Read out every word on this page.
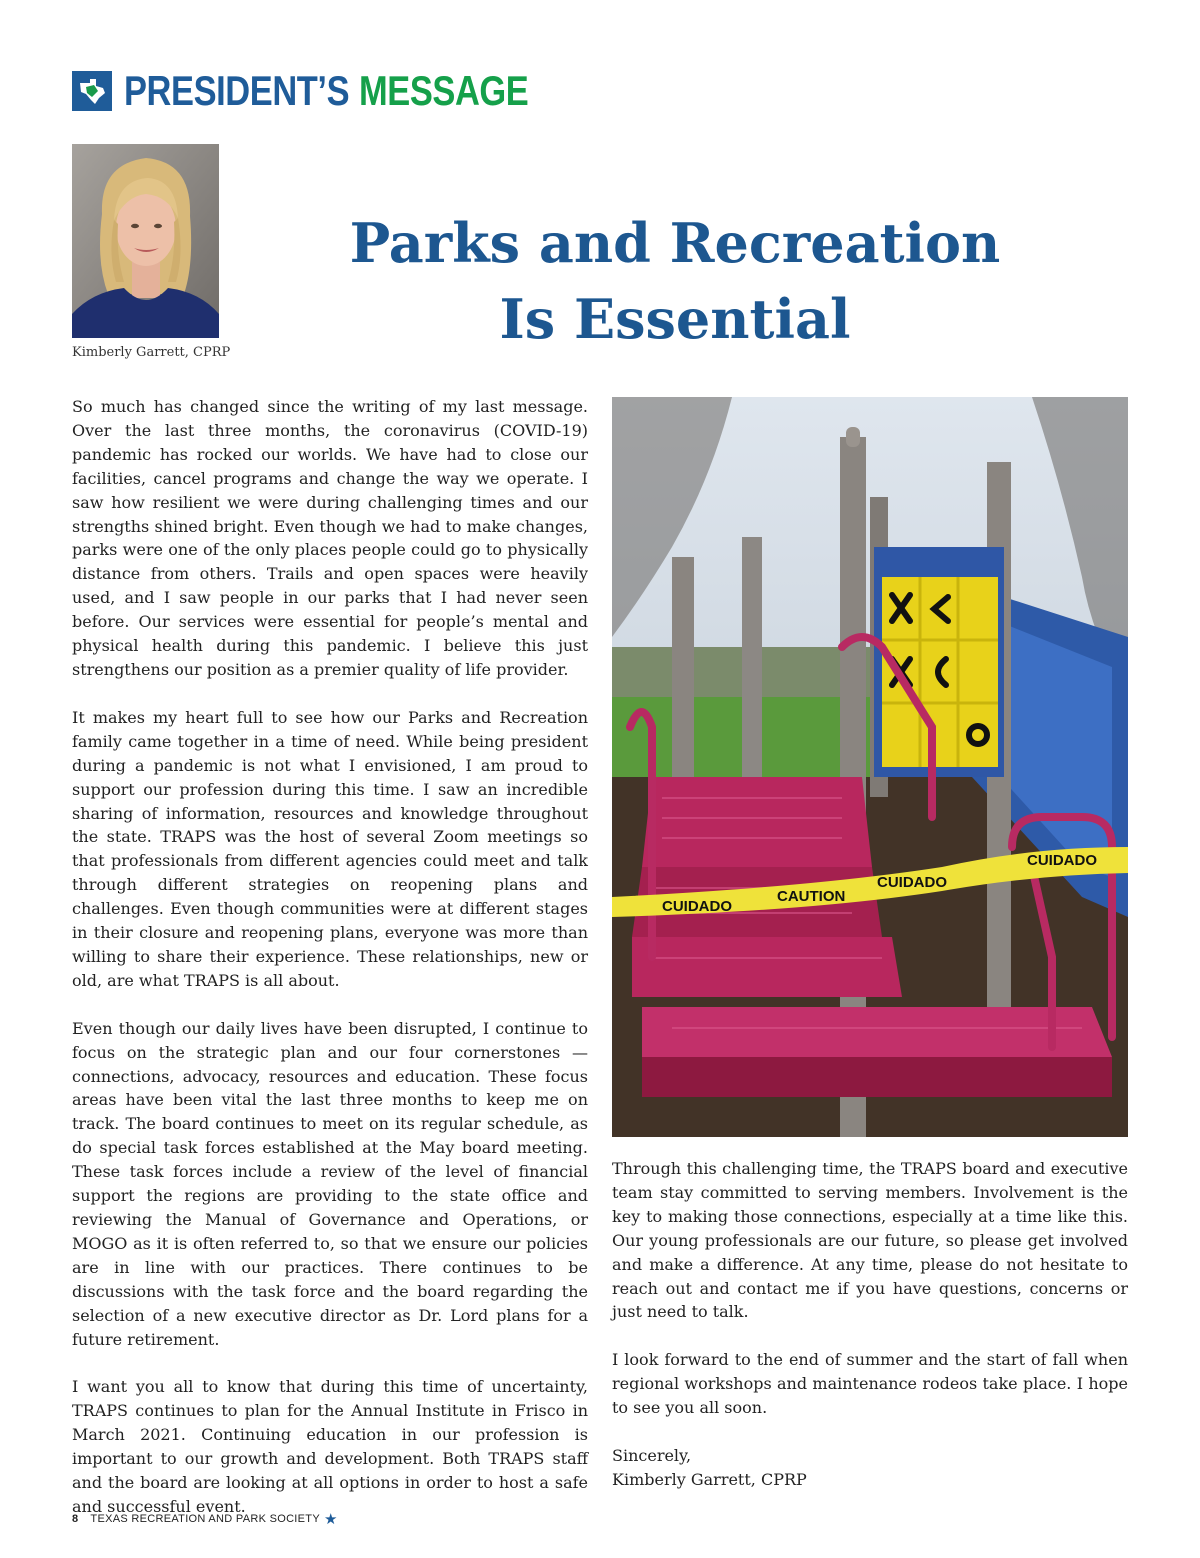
PRESIDENT’S MESSAGE
Kimberly Garrett, CPRP
Parks and Recreation
Is Essential

So much has changed since the writing of my last message. Over the last three months, the coronavirus (COVID-19) pandemic has rocked our worlds. We have had to close our facilities, cancel programs and change the way we operate. I saw how resilient we were during challenging times and our strengths shined bright. Even though we had to make changes, parks were one of the only places people could go to physically distance from others. Trails and open spaces were heavily used, and I saw people in our parks that I had never seen before. Our services were essential for people’s mental and physical health during this pandemic. I believe this just strengthens our position as a premier quality of life provider.

It makes my heart full to see how our Parks and Recreation family came together in a time of need. While being president during a pandemic is not what I envisioned, I am proud to support our profession during this time. I saw an incredible sharing of information, resources and knowledge throughout the state. TRAPS was the host of several Zoom meetings so that professionals from different agencies could meet and talk through different strategies on reopening plans and challenges. Even though communities were at different stages in their closure and reopening plans, everyone was more than willing to share their experience. These relationships, new or old, are what TRAPS is all about.

Even though our daily lives have been disrupted, I continue to focus on the strategic plan and our four cornerstones — connections, advocacy, resources and education. These focus areas have been vital the last three months to keep me on track. The board continues to meet on its regular schedule, as do special task forces established at the May board meeting. These task forces include a review of the level of financial support the regions are providing to the state office and reviewing the Manual of Governance and Operations, or MOGO as it is often referred to, so that we ensure our policies are in line with our practices. There continues to be discussions with the task force and the board regarding the selection of a new executive director as Dr. Lord plans for a future retirement.

I want you all to know that during this time of uncertainty, TRAPS continues to plan for the Annual Institute in Frisco in March 2021. Continuing education in our profession is important to our growth and development. Both TRAPS staff and the board are looking at all options in order to host a safe and successful event.

CUIDADO
CAUTION
CUIDADO
CUIDADO

Through this challenging time, the TRAPS board and executive team stay committed to serving members. Involvement is the key to making those connections, especially at a time like this. Our young professionals are our future, so please get involved and make a difference. At any time, please do not hesitate to reach out and contact me if you have questions, concerns or just need to talk.

I look forward to the end of summer and the start of fall when regional workshops and maintenance rodeos take place. I hope to see you all soon.

Sincerely,

Kimberly Garrett, CPRP

8 TEXAS RECREATION AND PARK SOCIETY ★
